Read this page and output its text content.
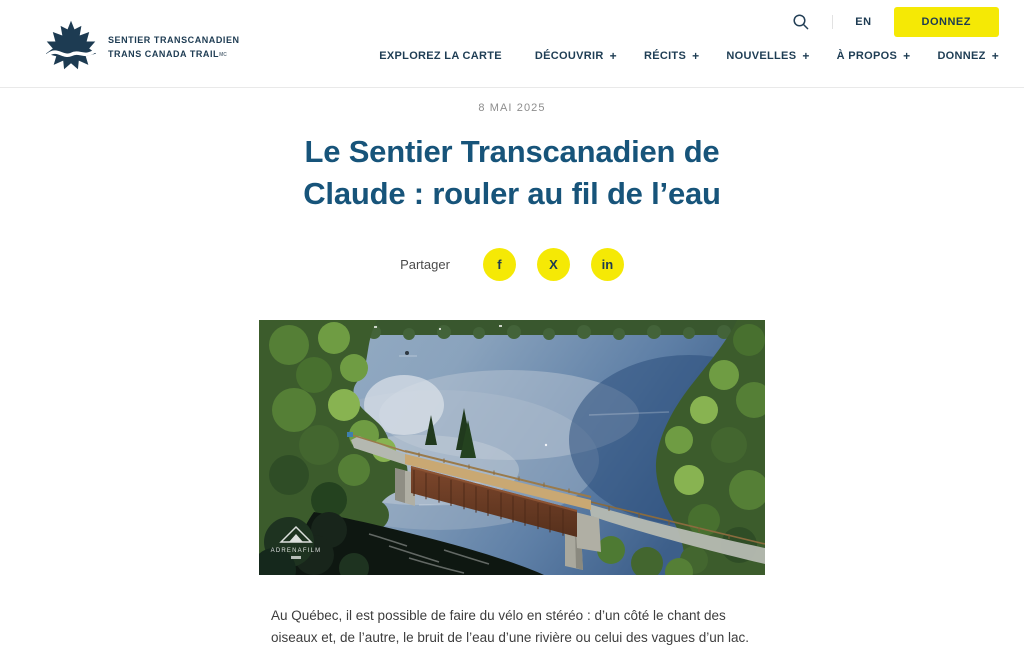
SENTIER TRANSCANADIEN
TRANS CANADA TRAILMC
EN	DONNEZ
EXPLOREZ LA CARTE	DÉCOUVRIR + RÉCITS + NOUVELLES + À PROPOS + DONNEZ +
8 MAI 2025
Le Sentier Transcanadien de
Claude : rouler au fil de l’eau
Partager	f	X	in
ADRENAFILM

Au Québec, il est possible de faire du vélo en stéréo : d’un côté le chant des oiseaux et, de l’autre, le bruit de l’eau d’une rivière ou celui des vagues d’un lac.
